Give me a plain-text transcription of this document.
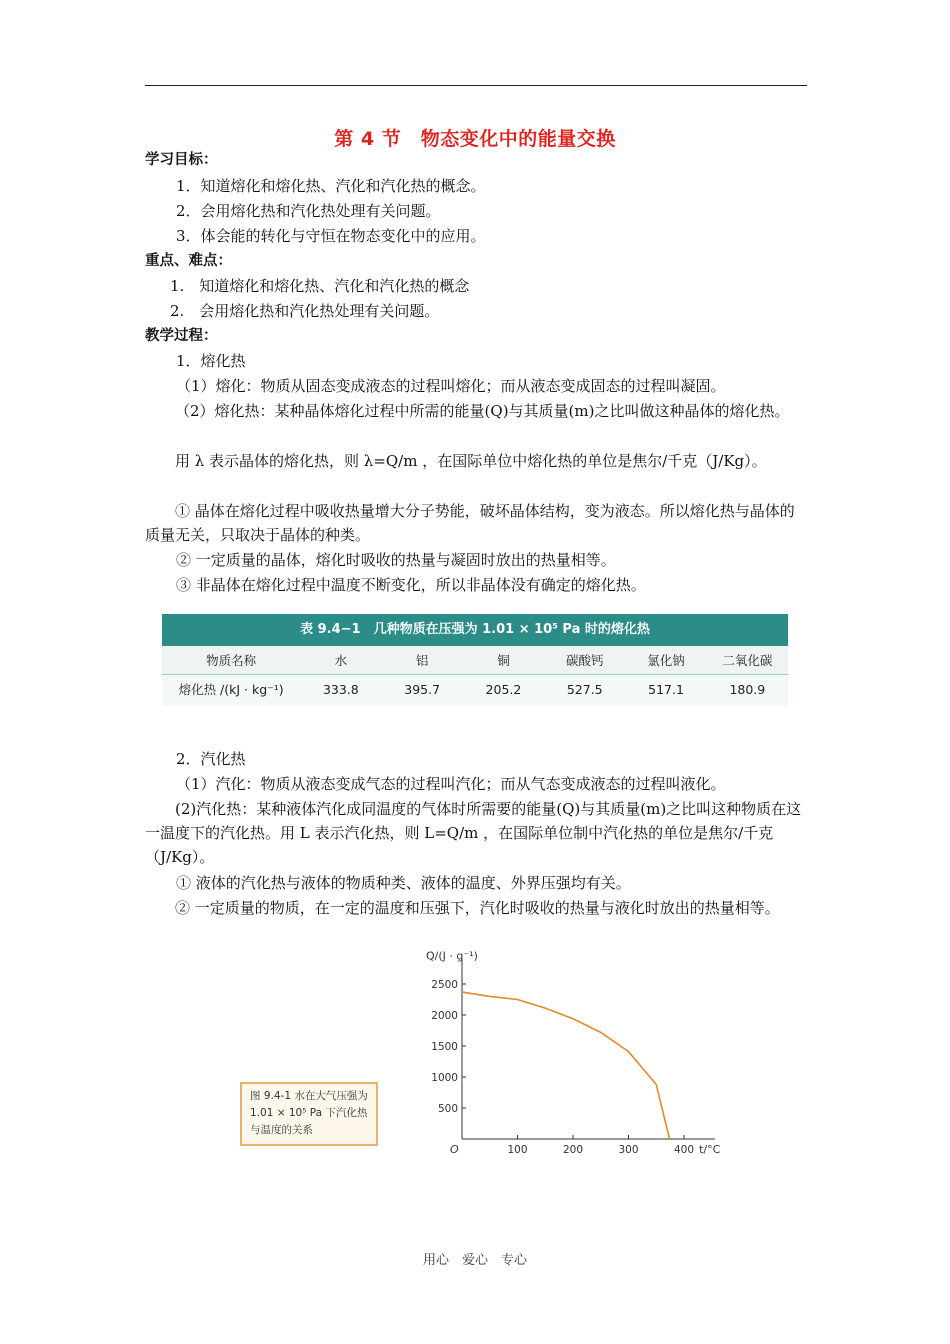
第 4 节　物态变化中的能量交换
学习目标：
1．知道熔化和熔化热、汽化和汽化热的概念。
2．会用熔化热和汽化热处理有关问题。
3．体会能的转化与守恒在物态变化中的应用。
重点、难点：
1.　知道熔化和熔化热、汽化和汽化热的概念
2.　会用熔化热和汽化热处理有关问题。
教学过程：
1．熔化热
（1）熔化：物质从固态变成液态的过程叫熔化；而从液态变成固态的过程叫凝固。
（2）熔化热：某种晶体熔化过程中所需的能量(Q)与其质量(m)之比叫做这种晶体的熔化热。
用 λ 表示晶体的熔化热，则 λ=Q/m ，在国际单位中熔化热的单位是焦尔/千克（J/Kg）。
① 晶体在熔化过程中吸收热量增大分子势能，破坏晶体结构，变为液态。所以熔化热与晶体的质量无关，只取决于晶体的种类。
② 一定质量的晶体，熔化时吸收的热量与凝固时放出的热量相等。
③ 非晶体在熔化过程中温度不断变化，所以非晶体没有确定的熔化热。
表 9.4−1　几种物质在压强为 1.01 × 10⁵ Pa 时的熔化热
物质名称	水	铝	铜	碳酸钙	氯化钠	二氧化碳
熔化热 /(kJ · kg⁻¹)	333.8	395.7	205.2	527.5	517.1	180.9
2．汽化热
（1）汽化：物质从液态变成气态的过程叫汽化；而从气态变成液态的过程叫液化。
(2)汽化热：某种液体汽化成同温度的气体时所需要的能量(Q)与其质量(m)之比叫这种物质在这一温度下的汽化热。用 L 表示汽化热，则 L=Q/m ，在国际单位制中汽化热的单位是焦尔/千克（J/Kg）。
① 液体的汽化热与液体的物质种类、液体的温度、外界压强均有关。
② 一定质量的物质，在一定的温度和压强下，汽化时吸收的热量与液化时放出的热量相等。
O	100	200	300	400
500
1000
1500
2000
2500
Q/(J · g⁻¹)
t/°C
图 9.4-1 水在大气压强为 1.01 × 10⁵ Pa 下汽化热与温度的关系
用心　爱心　专心
